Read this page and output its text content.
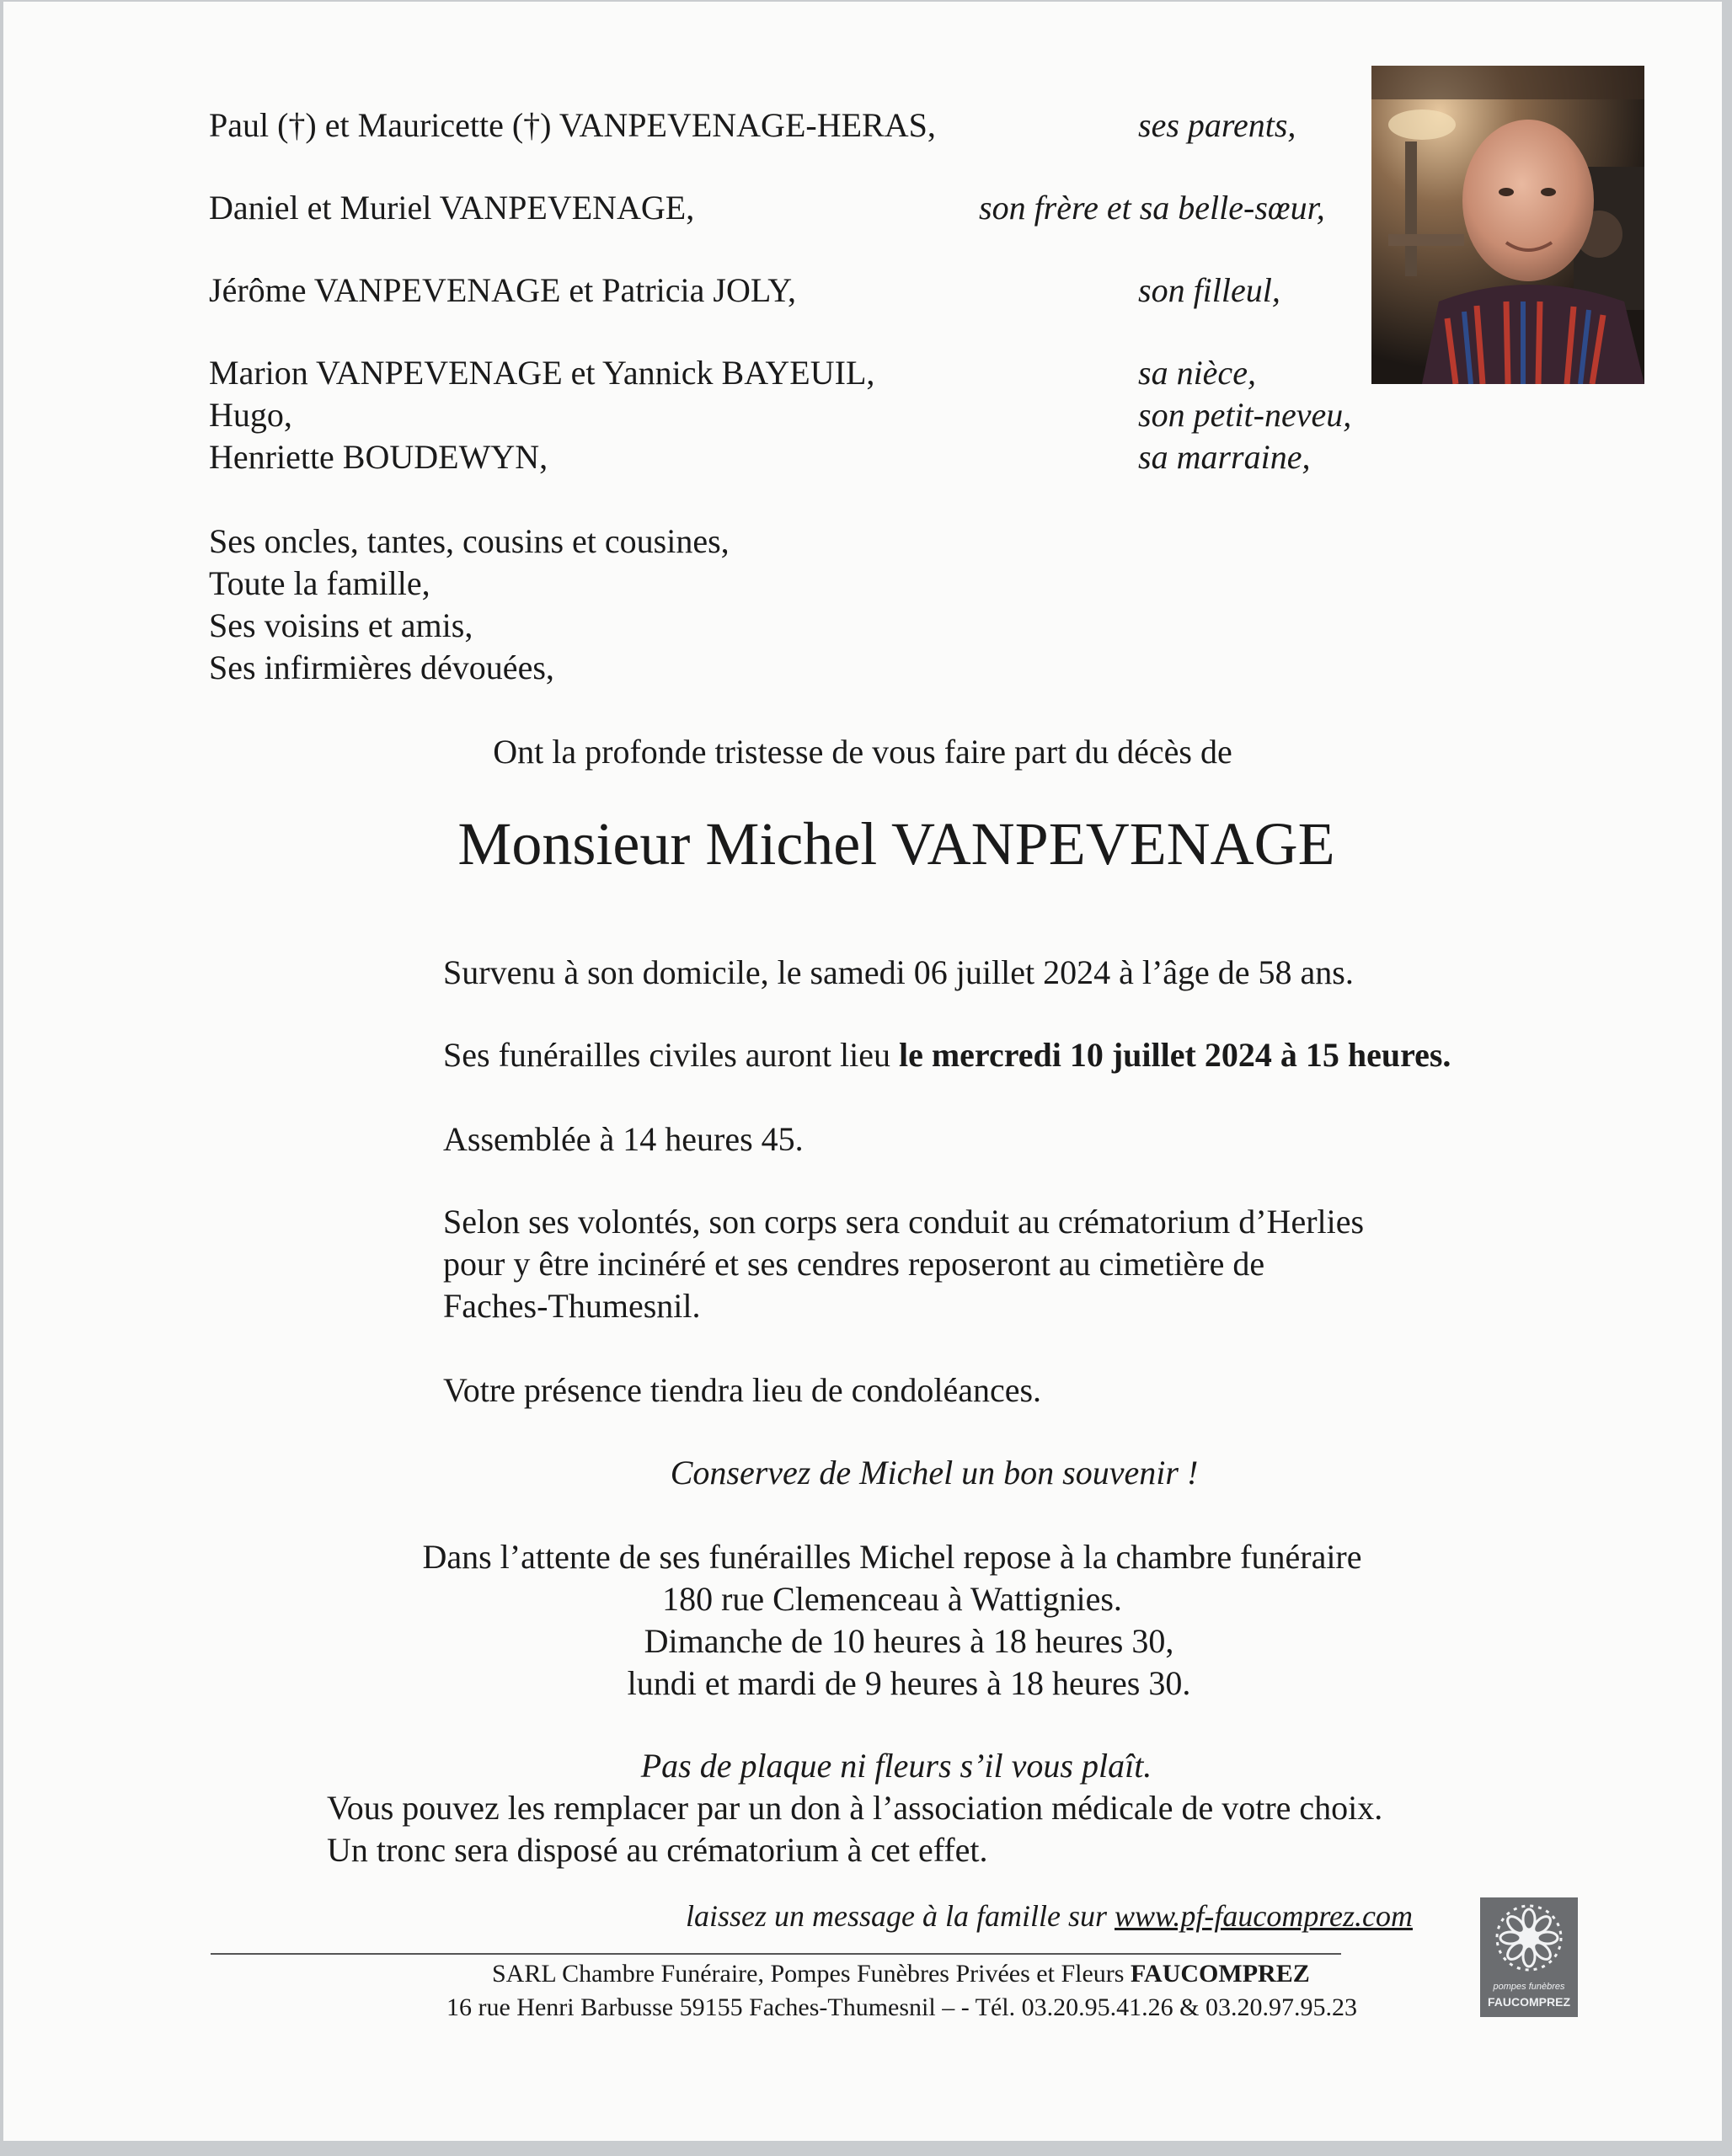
Paul (†) et Mauricette (†) VANPEVENAGE-HERAS,	ses parents,
Daniel et Muriel VANPEVENAGE,	son frère et sa belle-sœur,
Jérôme VANPEVENAGE et Patricia JOLY,	son filleul,
Marion VANPEVENAGE et Yannick BAYEUIL,	sa nièce,
Hugo,	son petit-neveu,
Henriette BOUDEWYN,	sa marraine,
Ses oncles, tantes, cousins et cousines,
Toute la famille,
Ses voisins et amis,
Ses infirmières dévouées,
Ont la profonde tristesse de vous faire part du décès de
Monsieur Michel VANPEVENAGE
Survenu à son domicile, le samedi 06 juillet 2024 à l’âge de 58 ans.
Ses funérailles civiles auront lieu le mercredi 10 juillet 2024 à 15 heures.
Assemblée à 14 heures 45.
Selon ses volontés, son corps sera conduit au crématorium d’Herlies
pour y être incinéré et ses cendres reposeront au cimetière de
Faches-Thumesnil.
Votre présence tiendra lieu de condoléances.
Conservez de Michel un bon souvenir !
Dans l’attente de ses funérailles Michel repose à la chambre funéraire
180 rue Clemenceau à Wattignies.
Dimanche de 10 heures à 18 heures 30,
lundi et mardi de 9 heures à 18 heures 30.
Pas de plaque ni fleurs s’il vous plaît.
Vous pouvez les remplacer par un don à l’association médicale de votre choix.
Un tronc sera disposé au crématorium à cet effet.
laissez un message à la famille sur www.pf-faucomprez.com
SARL Chambre Funéraire, Pompes Funèbres Privées et Fleurs FAUCOMPREZ
16 rue Henri Barbusse 59155 Faches-Thumesnil – - Tél. 03.20.95.41.26 & 03.20.97.95.23
pompes funèbres
FAUCOMPREZ
